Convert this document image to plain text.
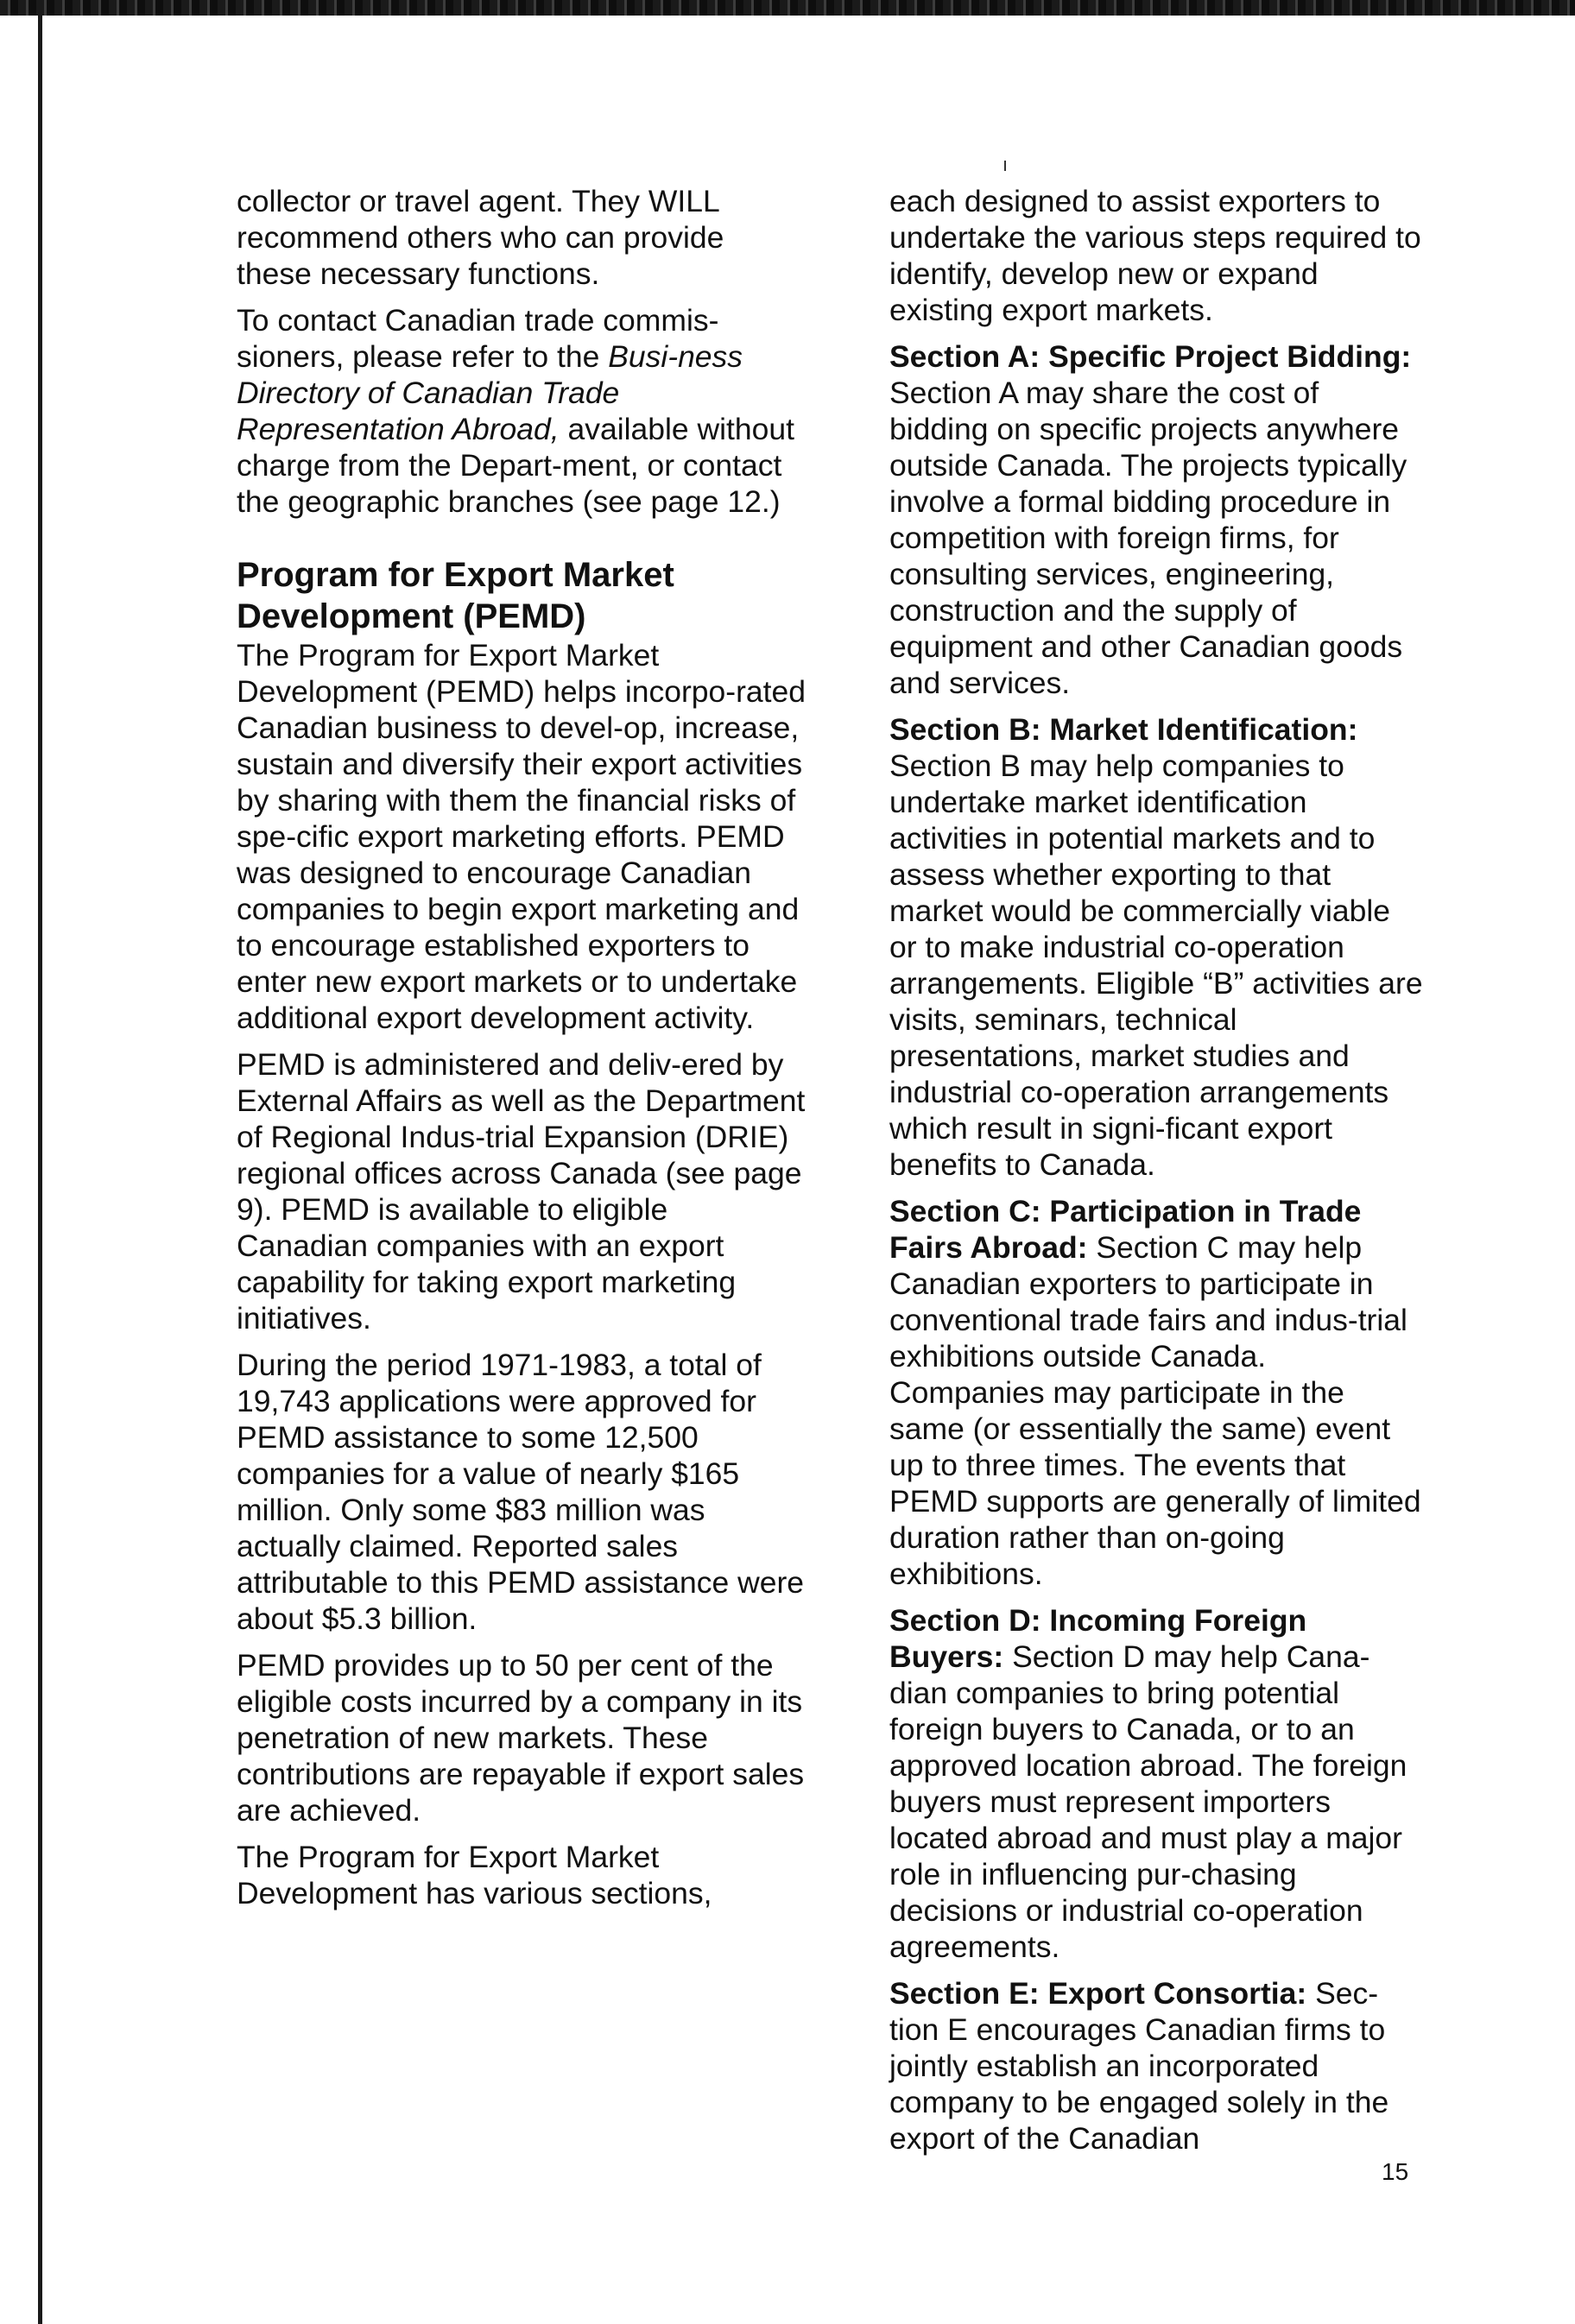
collector or travel agent. They WILL recommend others who can provide these necessary functions.

To contact Canadian trade commis-sioners, please refer to the Busi-ness Directory of Canadian Trade Representation Abroad, available without charge from the Depart-ment, or contact the geographic branches (see page 12.)

Program for Export Market Development (PEMD)

The Program for Export Market Development (PEMD) helps incorpo-rated Canadian business to devel-op, increase, sustain and diversify their export activities by sharing with them the financial risks of spe-cific export marketing efforts. PEMD was designed to encourage Canadian companies to begin export marketing and to encourage established exporters to enter new export markets or to undertake additional export development activity.

PEMD is administered and deliv-ered by External Affairs as well as the Department of Regional Indus-trial Expansion (DRIE) regional offices across Canada (see page 9). PEMD is available to eligible Canadian companies with an export capability for taking export marketing initiatives.

During the period 1971-1983, a total of 19,743 applications were approved for PEMD assistance to some 12,500 companies for a value of nearly $165 million. Only some $83 million was actually claimed. Reported sales attributable to this PEMD assistance were about $5.3 billion.

PEMD provides up to 50 per cent of the eligible costs incurred by a company in its penetration of new markets. These contributions are repayable if export sales are achieved.

The Program for Export Market Development has various sections,

each designed to assist exporters to undertake the various steps required to identify, develop new or expand existing export markets.

Section A: Specific Project Bidding: Section A may share the cost of bidding on specific projects anywhere outside Canada. The projects typically involve a formal bidding procedure in competition with foreign firms, for consulting services, engineering, construction and the supply of equipment and other Canadian goods and services.

Section B: Market Identification: Section B may help companies to undertake market identification activities in potential markets and to assess whether exporting to that market would be commercially viable or to make industrial co-operation arrangements. Eligible “B” activities are visits, seminars, technical presentations, market studies and industrial co-operation arrangements which result in signi-ficant export benefits to Canada.

Section C: Participation in Trade Fairs Abroad: Section C may help Canadian exporters to participate in conventional trade fairs and indus-trial exhibitions outside Canada. Companies may participate in the same (or essentially the same) event up to three times. The events that PEMD supports are generally of limited duration rather than on-going exhibitions.

Section D: Incoming Foreign Buyers: Section D may help Cana-dian companies to bring potential foreign buyers to Canada, or to an approved location abroad. The foreign buyers must represent importers located abroad and must play a major role in influencing pur-chasing decisions or industrial co-operation agreements.

Section E: Export Consortia: Sec-tion E encourages Canadian firms to jointly establish an incorporated company to be engaged solely in the export of the Canadian

15
